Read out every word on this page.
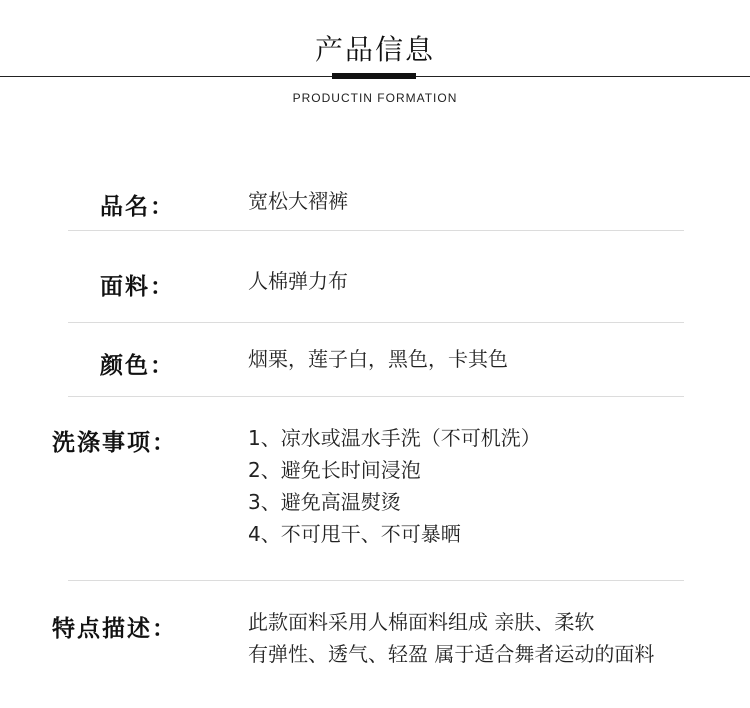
产品信息
PRODUCTIN FORMATION
品名：	宽松大褶裤
面料：	人棉弹力布
颜色：	烟栗，莲子白，黑色，卡其色
洗涤事项：	1、凉水或温水手洗（不可机洗）
2、避免长时间浸泡
3、避免高温熨烫
4、不可甩干、不可暴晒
特点描述：	此款面料采用人棉面料组成 亲肤、柔软
有弹性、透气、轻盈 属于适合舞者运动的面料
